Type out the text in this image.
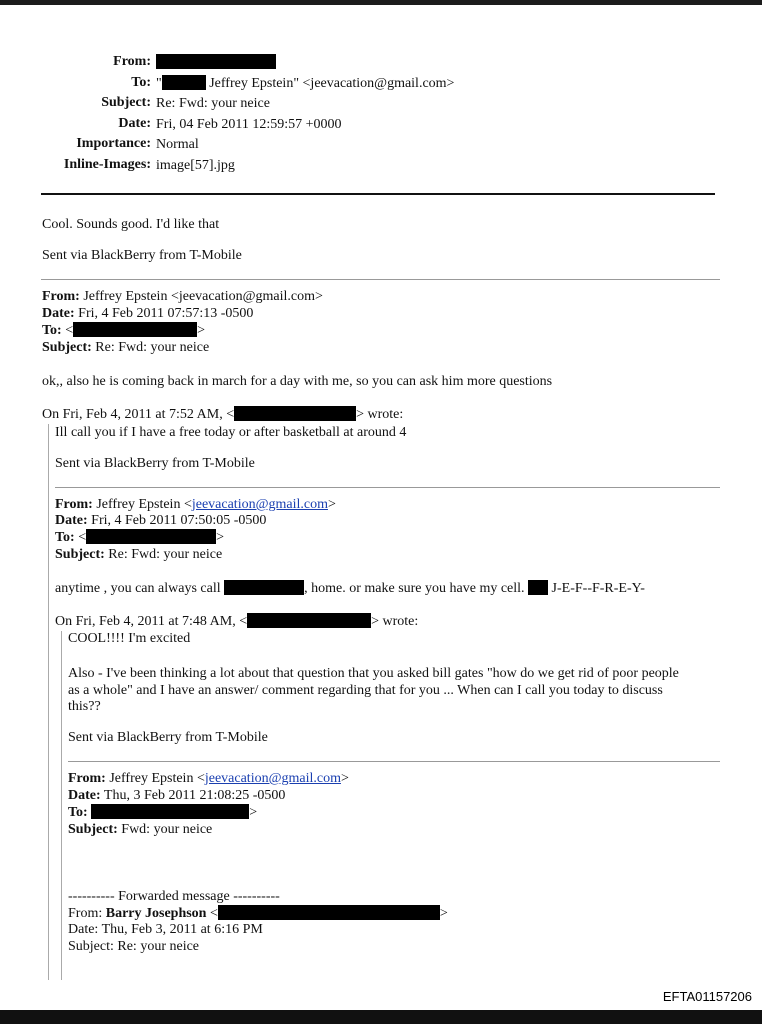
From:
To: "	Jeffrey Epstein" <jeevacation@gmail.com>
Subject: Re: Fwd: your neice
Date: Fri, 04 Feb 2011 12:59:57 +0000
Importance: Normal
Inline-Images: image[57].jpg
Cool. Sounds good. I'd like that
Sent via BlackBerry from T-Mobile
From: Jeffrey Epstein <jeevacation@gmail.com>
Date: Fri, 4 Feb 2011 07:57:13 -0500
To: <	>
Subject: Re: Fwd: your neice
ok,, also he is coming back in march for a day with me, so you can ask him more questions
On Fri, Feb 4, 2011 at 7:52 AM, <	> wrote:
Ill call you if I have a free today or after basketball at around 4
Sent via BlackBerry from T-Mobile
From: Jeffrey Epstein <jeevacation@gmail.com>
Date: Fri, 4 Feb 2011 07:50:05 -0500
To: <	>
Subject: Re: Fwd: your neice
anytime , you can always call	, home. or make sure you have my cell. J-E-F--F-R-E-Y-
On Fri, Feb 4, 2011 at 7:48 AM, <	> wrote:
COOL!!!! I'm excited
Also - I've been thinking a lot about that question that you asked bill gates "how do we get rid of poor people
as a whole" and I have an answer/ comment regarding that for you ... When can I call you today to discuss
this??
Sent via BlackBerry from T-Mobile
From: Jeffrey Epstein <jeevacation@gmail.com>
Date: Thu, 3 Feb 2011 21:08:25 -0500
To:	>
Subject: Fwd: your neice
---------- Forwarded message ----------
From: Barry Josephson <	>
Date: Thu, Feb 3, 2011 at 6:16 PM
Subject: Re: your neice
EFTA01157206
